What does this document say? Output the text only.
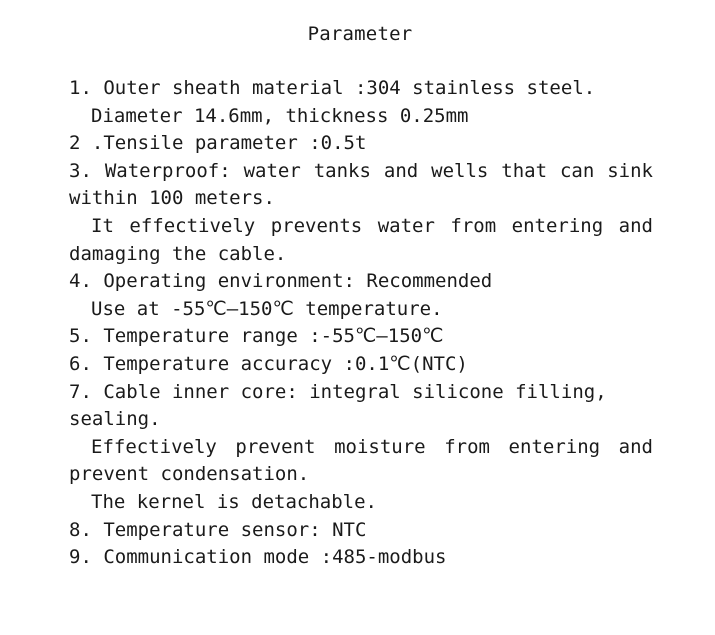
Parameter
1. Outer sheath material :304 stainless steel.
Diameter 14.6mm, thickness 0.25mm
2 .Tensile parameter :0.5t
3. Waterproof: water tanks and wells that can sink
within 100 meters.
It effectively prevents water from entering and
damaging the cable.
4. Operating environment: Recommended
Use at -55℃—150℃ temperature.
5. Temperature range :-55℃—150℃
6. Temperature accuracy :0.1℃(NTC)
7. Cable inner core: integral silicone filling,
sealing.
Effectively prevent moisture from entering and
prevent condensation.
The kernel is detachable.
8. Temperature sensor: NTC
9. Communication mode :485-modbus
